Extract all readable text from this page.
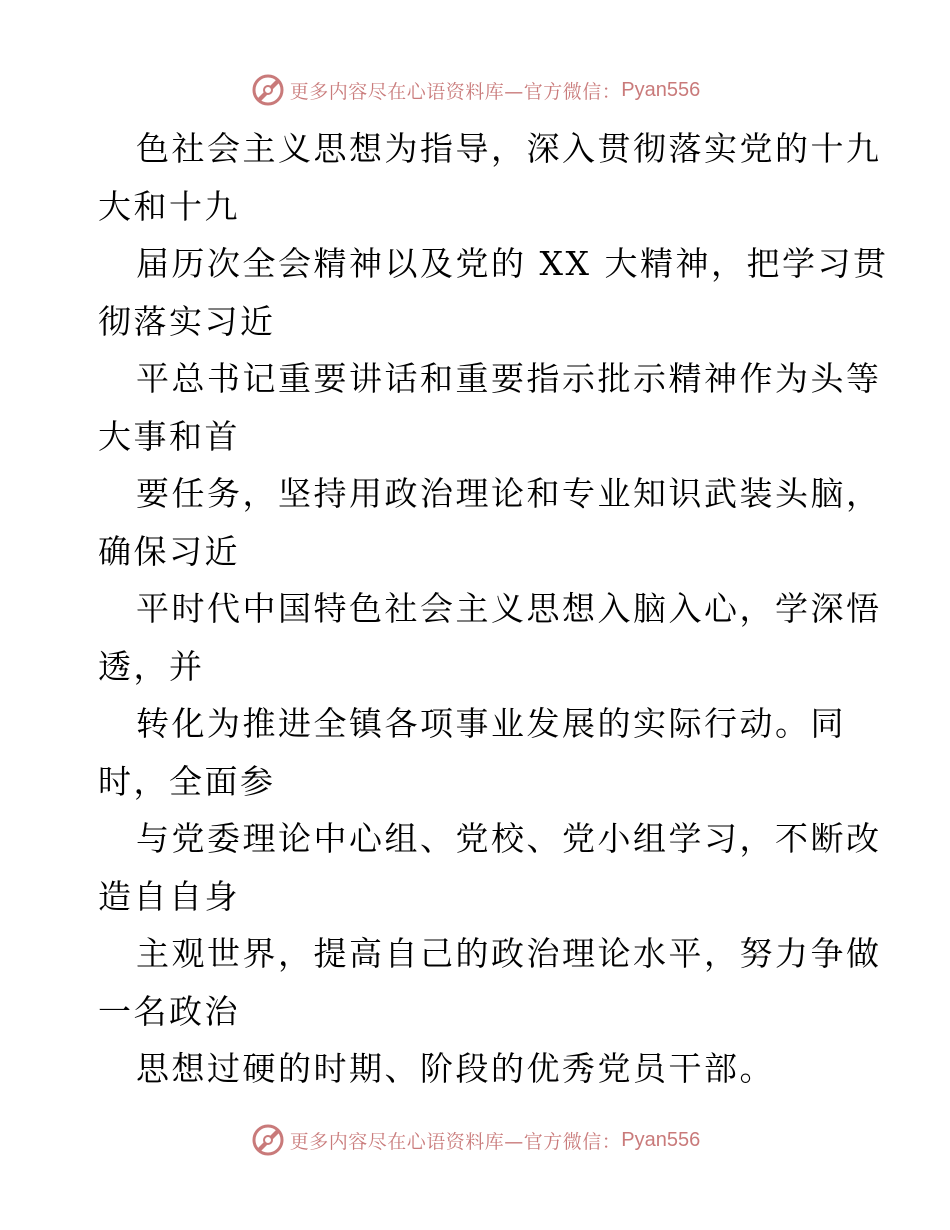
更多内容尽在心语资料库—官方微信： Pyan556

色社会主义思想为指导，深入贯彻落实党的十九
大和十九

届历次全会精神以及党的 XX 大精神，把学习贯
彻落实习近

平总书记重要讲话和重要指示批示精神作为头等
大事和首

要任务，坚持用政治理论和专业知识武装头脑，
确保习近

平时代中国特色社会主义思想入脑入心，学深悟
透，并

转化为推进全镇各项事业发展的实际行动。同
时，全面参

与党委理论中心组、党校、党小组学习，不断改
造自自身

主观世界，提高自己的政治理论水平，努力争做
一名政治

思想过硬的时期、阶段的优秀党员干部。

更多内容尽在心语资料库—官方微信： Pyan556
